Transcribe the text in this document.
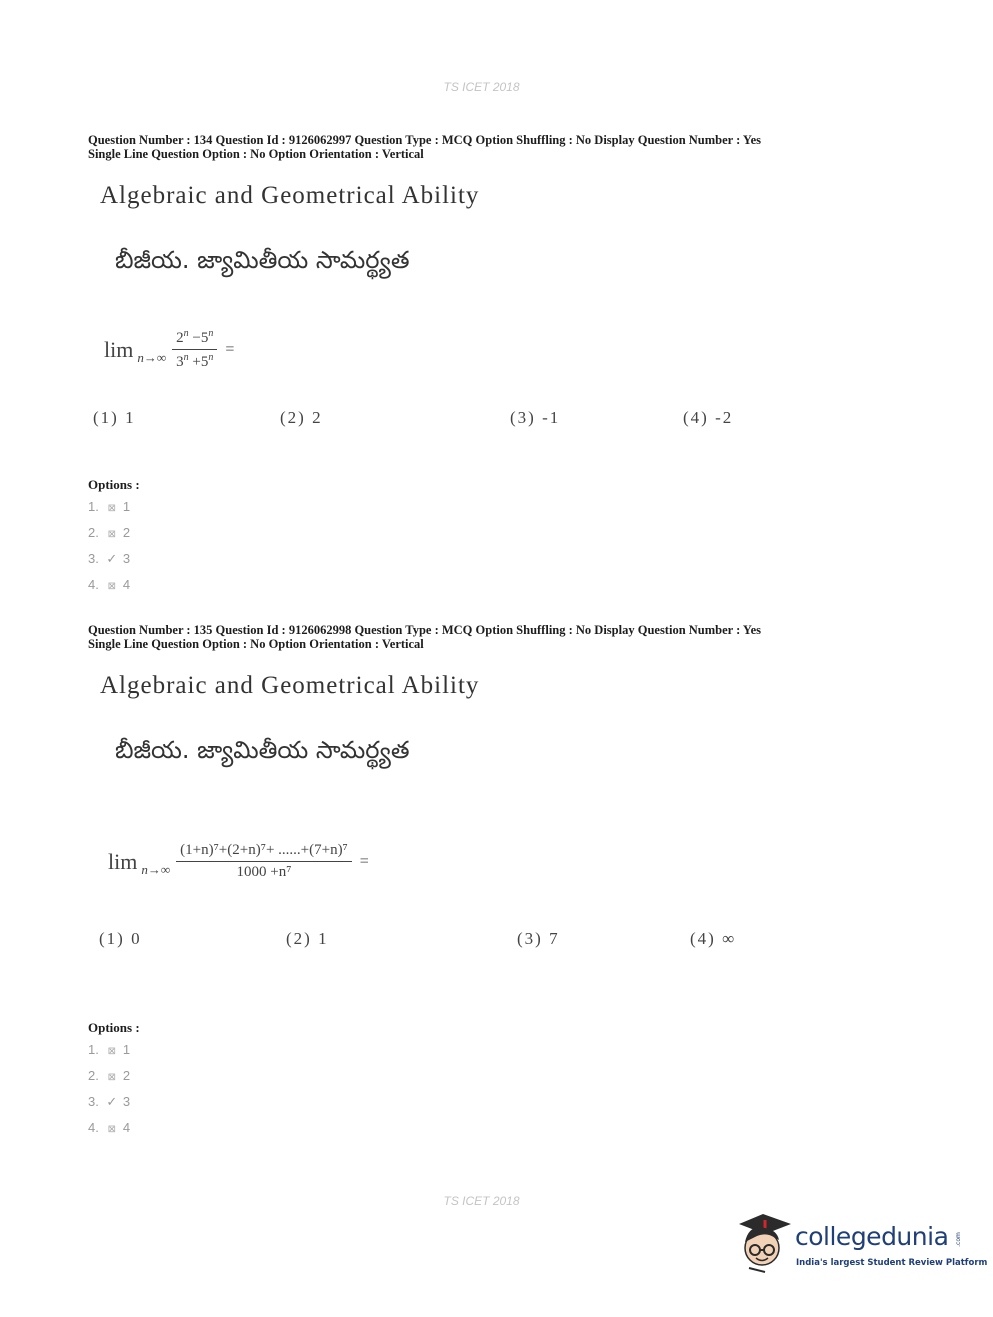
TS ICET 2018
Question Number : 134 Question Id : 9126062997 Question Type : MCQ Option Shuffling : No Display Question Number : Yes
Single Line Question Option : No Option Orientation : Vertical
Algebraic and Geometrical Ability
బీజీయ. జ్యామితీయ సామర్థ్యత
$\lim n\to\infty \frac{2^n -5^n}{3^n +5^n}$ =
(1) 1	(2) 2	(3) -1	(4) -2
Options :
1. ⊠ 1
2. ⊠ 2
3. ✓ 3
4. ⊠ 4
Question Number : 135 Question Id : 9126062998 Question Type : MCQ Option Shuffling : No Display Question Number : Yes
Single Line Question Option : No Option Orientation : Vertical
Algebraic and Geometrical Ability
బీజీయ. జ్యామితీయ సామర్థ్యత
$\lim n\to\infty \frac{\text{(1+n)⁷+(2+n)⁷+ ......+(7+n)⁷}}{\text{1000 +n⁷}}$ =
(1) 0	(2) 1	(3) 7	(4) ∞
Options :
1. ⊠ 1
2. ⊠ 2
3. ✓ 3
4. ⊠ 4
TS ICET 2018
collegedunia .com
India's largest Student Review Platform
